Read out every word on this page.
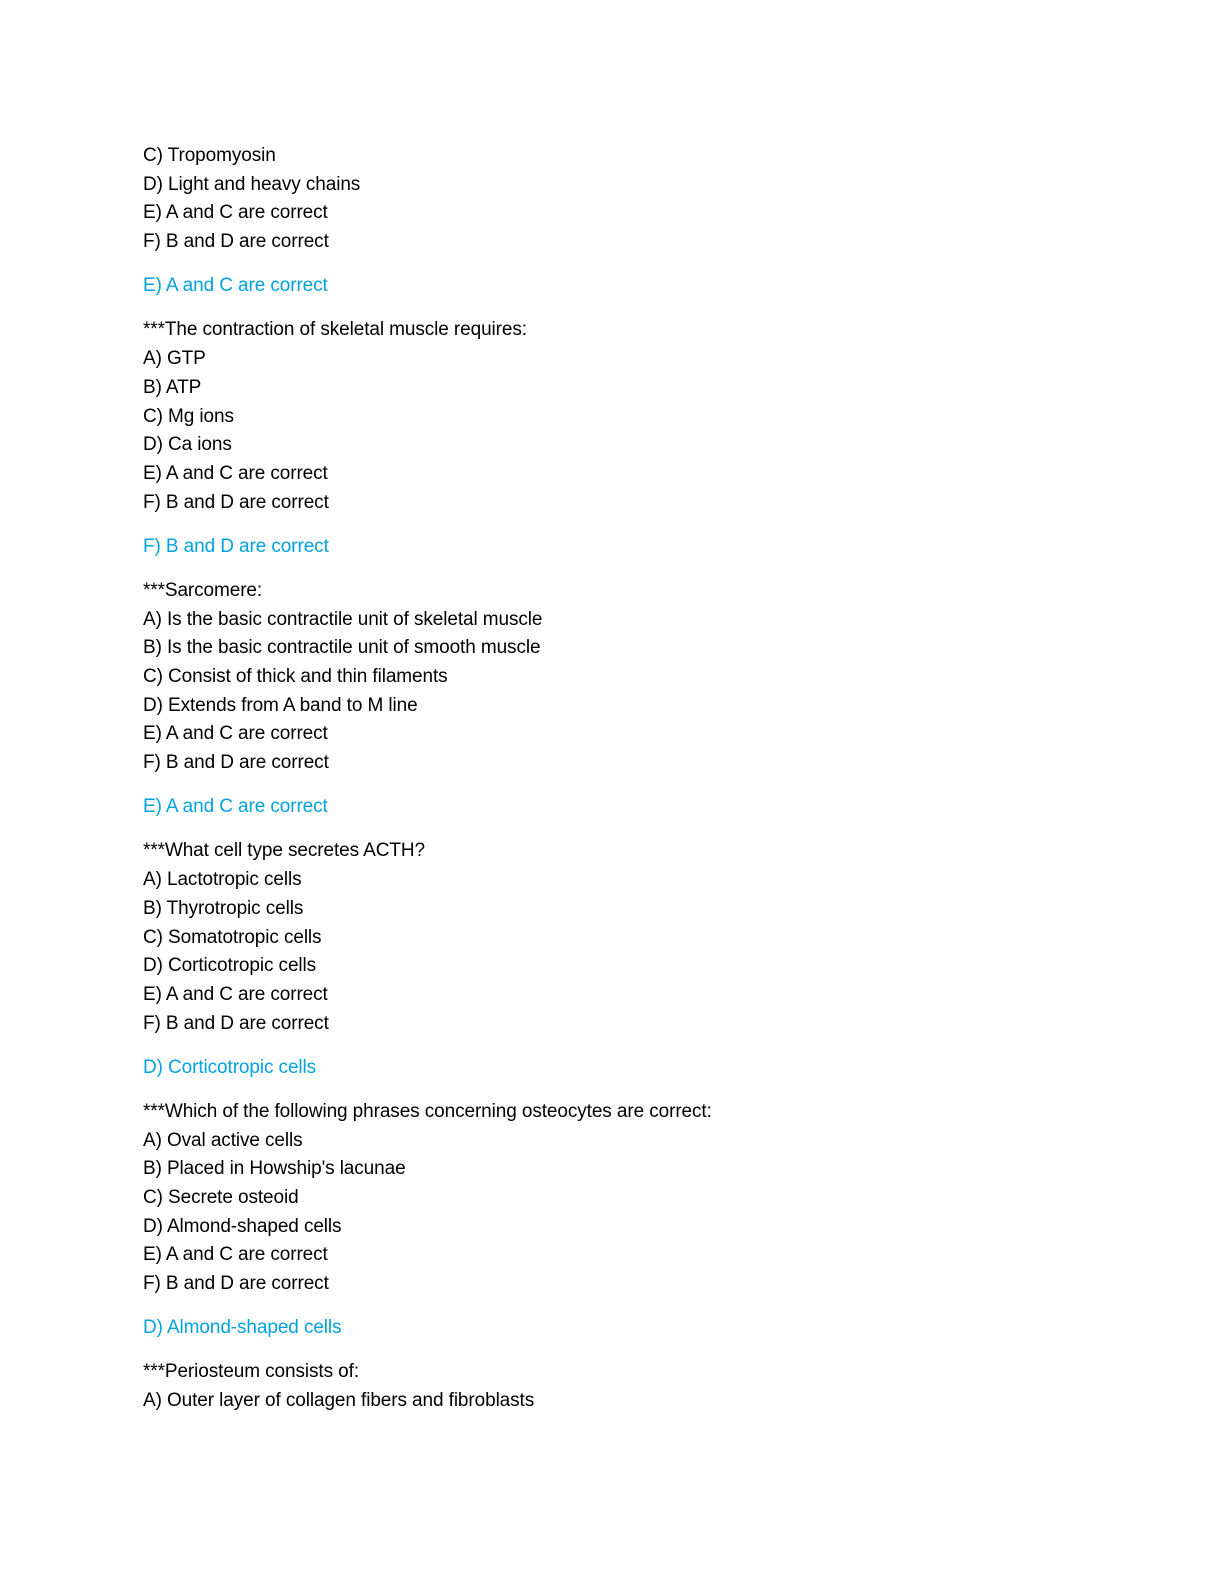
C) Tropomyosin
D) Light and heavy chains
E) A and C are correct
F) B and D are correct
E) A and C are correct
***The contraction of skeletal muscle requires:
A) GTP
B) ATP
C) Mg ions
D) Ca ions
E) A and C are correct
F) B and D are correct
F) B and D are correct
***Sarcomere:
A) Is the basic contractile unit of skeletal muscle
B) Is the basic contractile unit of smooth muscle
C) Consist of thick and thin filaments
D) Extends from A band to M line
E) A and C are correct
F) B and D are correct
E) A and C are correct
***What cell type secretes ACTH?
A) Lactotropic cells
B) Thyrotropic cells
C) Somatotropic cells
D) Corticotropic cells
E) A and C are correct
F) B and D are correct
D) Corticotropic cells
***Which of the following phrases concerning osteocytes are correct:
A) Oval active cells
B) Placed in Howship's lacunae
C) Secrete osteoid
D) Almond-shaped cells
E) A and C are correct
F) B and D are correct
D) Almond-shaped cells
***Periosteum consists of:
A) Outer layer of collagen fibers and fibroblasts
